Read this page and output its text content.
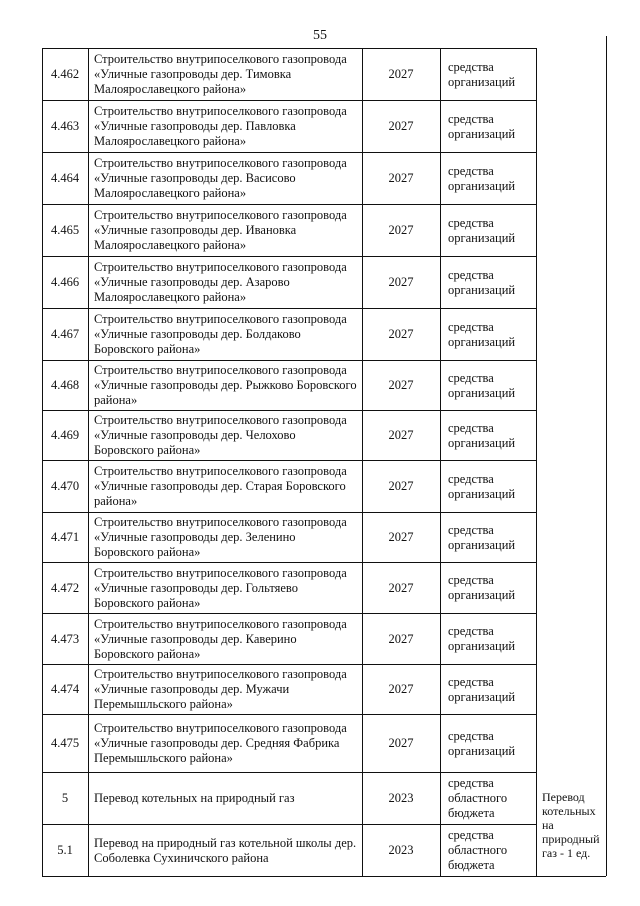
55
4.462
Строительство внутрипоселкового газопровода «Уличные газопроводы дер. Тимовка Малоярославецкого района»
2027
средства организаций
4.463
Строительство внутрипоселкового газопровода «Уличные газопроводы дер. Павловка Малоярославецкого района»
2027
средства организаций
4.464
Строительство внутрипоселкового газопровода «Уличные газопроводы дер. Васисово Малоярославецкого района»
2027
средства организаций
4.465
Строительство внутрипоселкового газопровода «Уличные газопроводы дер. Ивановка Малоярославецкого района»
2027
средства организаций
4.466
Строительство внутрипоселкового газопровода «Уличные газопроводы дер. Азарово Малоярославецкого района»
2027
средства организаций
4.467
Строительство внутрипоселкового газопровода «Уличные газопроводы дер. Болдаково Боровского района»
2027
средства организаций
4.468
Строительство внутрипоселкового газопровода «Уличные газопроводы дер. Рыжково Боровского района»
2027
средства организаций
4.469
Строительство внутрипоселкового газопровода «Уличные газопроводы дер. Челохово Боровского района»
2027
средства организаций
4.470
Строительство внутрипоселкового газопровода «Уличные газопроводы дер. Старая Боровского района»
2027
средства организаций
4.471
Строительство внутрипоселкового газопровода «Уличные газопроводы дер. Зеленино Боровского района»
2027
средства организаций
4.472
Строительство внутрипоселкового газопровода «Уличные газопроводы дер. Гольтяево Боровского района»
2027
средства организаций
4.473
Строительство внутрипоселкового газопровода «Уличные газопроводы дер. Каверино Боровского района»
2027
средства организаций
4.474
Строительство внутрипоселкового газопровода «Уличные газопроводы дер. Мужачи Перемышльского района»
2027
средства организаций
4.475
Строительство внутрипоселкового газопровода «Уличные газопроводы дер. Средняя Фабрика Перемышльского района»
2027
средства организаций
5	Перевод котельных на природный газ	2023
средства областного бюджета
5.1
Перевод на природный газ котельной школы дер. Соболевка Сухиничского района
2023
средства областного бюджета
Перевод котельных на природный газ - 1 ед.
